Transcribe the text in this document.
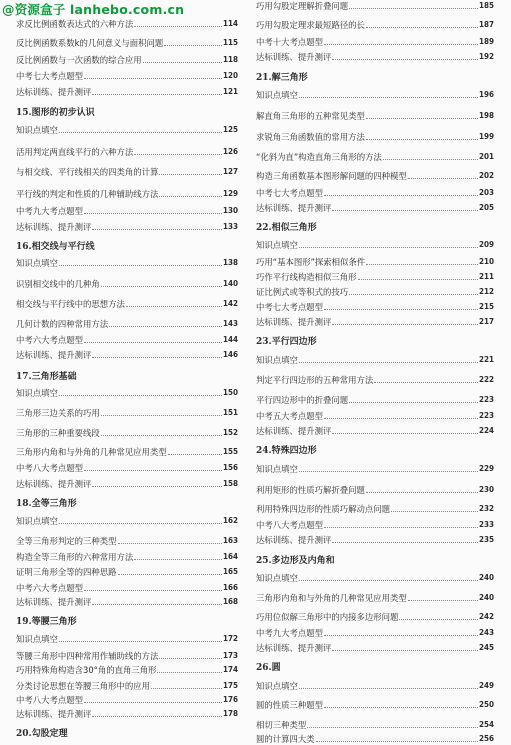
@资源盒子 lanhebo.com.cn
求反比例函数表达式的六种方法	114
反比例函数系数k的几何意义与面积问题	115
反比例函数与一次函数的综合应用	118
中考七大考点题型	120
达标训练、提升测评	121
15.图形的初步认识
知识点填空	125
活用判定两直线平行的六种方法	126
与相交线、平行线相关的四类角的计算	127
平行线的判定和性质的几种辅助线方法	129
中考九大考点题型	130
达标训练、提升测评	133
16.相交线与平行线
知识点填空	138
识别相交线中的几种角	140
相交线与平行线中的思想方法	142
几何计数的四种常用方法	143
中考六大考点题型	144
达标训练、提升测评	146
17.三角形基础
知识点填空	150
三角形三边关系的巧用	151
三角形的三种重要线段	152
三角形内角和与外角的几种常见应用类型	155
中考八大考点题型	156
达标训练、提升测评	158
18.全等三角形
知识点填空	162
全等三角形判定的三种类型	163
构造全等三角形的六种常用方法	164
证明三角形全等的四种思路	165
中考六大考点题型	166
达标训练、提升测评	168
19.等腰三角形
知识点填空	172
等腰三角形中四种常用作辅助线的方法	173
巧用特殊角构造含30°角的直角三角形	174
分类讨论思想在等腰三角形中的应用	175
中考八大考点题型	176
达标训练、提升测评	178
20.勾股定理
巧用勾股定理解折叠问题	185
巧用勾股定理求最短路径的长	187
中考十大考点题型	189
达标训练、提升测评	192
21.解三角形
知识点填空	196
解直角三角形的五种常见类型	198
求锐角三角函数值的常用方法	199
“化斜为直”构造直角三角形的方法	201
构造三角函数基本图形解问题的四种模型	202
中考七大考点题型	203
达标训练、提升测评	205
22.相似三角形
知识点填空	209
巧用“基本图形”探索相似条件	210
巧作平行线构造相似三角形	211
证比例式或等积式的技巧	212
中考七大考点题型	215
达标训练、提升测评	217
23.平行四边形
知识点填空	221
判定平行四边形的五种常用方法	222
平行四边形中的折叠问题	223
中考五大考点题型	223
达标训练、提升测评	224
24.特殊四边形
知识点填空	229
利用矩形的性质巧解折叠问题	230
利用特殊四边形的性质巧解动点问题	232
中考八大考点题型	233
达标训练、提升测评	235
25.多边形及内角和
知识点填空	240
三角形内角和与外角的几种常见应用类型	240
巧用位似解三角形中的内接多边形问题	242
中考九大考点题型	243
达标训练、提升测评	245
26.圆
知识点填空	249
圆的性质三种题型	250
相切三种类型	254
圆的计算四大类	256
